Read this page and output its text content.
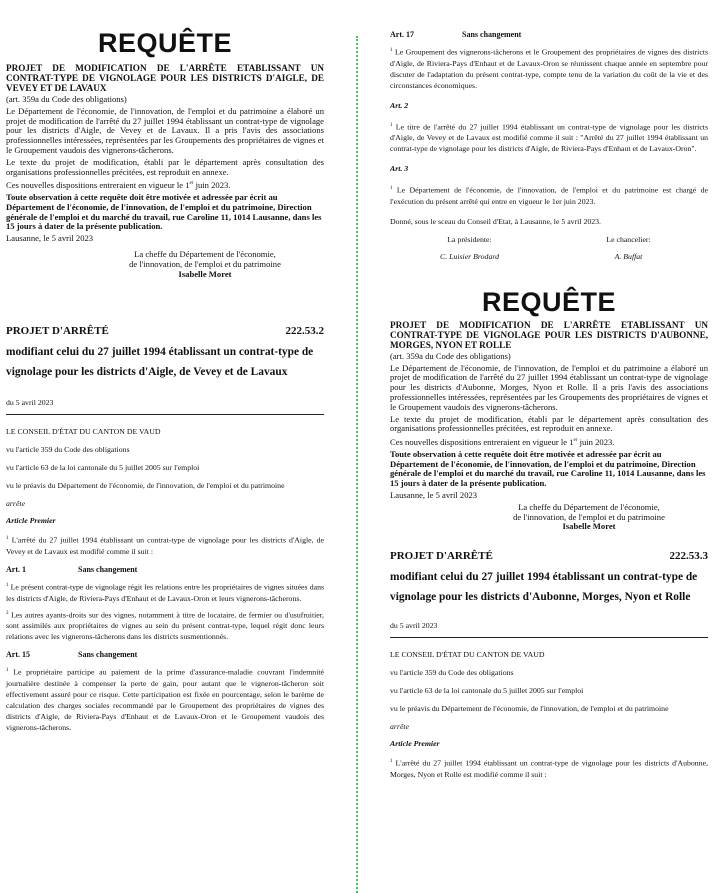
REQUÊTE

PROJET DE MODIFICATION DE L'ARRÊTE ETABLISSANT UN CONTRAT-TYPE DE VIGNOLAGE POUR LES DISTRICTS D'AIGLE, DE VEVEY ET DE LAVAUX

(art. 359a du Code des obligations)

Le Département de l'économie, de l'innovation, de l'emploi et du patrimoine a élaboré un projet de modification de l'arrêté du 27 juillet 1994 établissant un contrat-type de vignolage pour les districts d'Aigle, de Vevey et de Lavaux. Il a pris l'avis des associations professionnelles intéressées, représentées par les Groupements des propriétaires de vignes et le Groupement vaudois des vignerons-tâcherons.

Le texte du projet de modification, établi par le département après consultation des organisations professionnelles précitées, est reproduit en annexe.

Ces nouvelles dispositions entreraient en vigueur le 1er juin 2023.

Toute observation à cette requête doit être motivée et adressée par écrit au Département de l'économie, de l'innovation, de l'emploi et du patrimoine, Direction générale de l'emploi et du marché du travail, rue Caroline 11, 1014 Lausanne, dans les 15 jours à dater de la présente publication.

Lausanne, le 5 avril 2023

La cheffe du Département de l'économie,

de l'innovation, de l'emploi et du patrimoine

Isabelle Moret

PROJET D'ARRÊTÉ	222.53.2

modifiant celui du 27 juillet 1994 établissant un contrat-type de vignolage pour les districts d'Aigle, de Vevey et de Lavaux

du 5 avril 2023

LE CONSEIL D'ÉTAT DU CANTON DE VAUD

vu l'article 359 du Code des obligations

vu l'article 63 de la loi cantonale du 5 juillet 2005 sur l'emploi

vu le préavis du Département de l'économie, de l'innovation, de l'emploi et du patrimoine

arrête

Article Premier

$^1$ L'arrêté du 27 juillet 1994 établissant un contrat-type de vignolage pour les districts d'Aigle, de Vevey et de Lavaux est modifié comme il suit :

Art. 1	Sans changement

$^1$ Le présent contrat-type de vignolage régit les relations entre les propriétaires de vignes situées dans les districts d'Aigle, de Riviera-Pays d'Enhaut et de Lavaux-Oron et leurs vignerons-tâcherons.

$^2$ Les autres ayants-droits sur des vignes, notamment à titre de locataire, de fermier ou d'usufruitier, sont assimilés aux propriétaires de vignes au sein du présent contrat-type, lequel régit donc leurs relations avec les vignerons-tâcherons dans les districts susmentionnés.

Art. 15	Sans changement

$^1$ Le propriétaire participe au paiement de la prime d'assurance-maladie couvrant l'indemnité journalière destinée à compenser la perte de gain, pour autant que le vigneron-tâcheron soit effectivement assuré pour ce risque. Cette participation est fixée en pourcentage, selon le barème de calculation des charges sociales recommandé par le Groupement des propriétaires de vignes des districts d'Aigle, de Riviera-Pays d'Enhaut et de Lavaux-Oron et le Groupement vaudois des vignerons-tâcherons.

Art. 17	Sans changement

$^1$ Le Groupement des vignerons-tâcherons et le Groupement des propriétaires de vignes des districts d'Aigle, de Riviera-Pays d'Enhaut et de Lavaux-Oron se réunissent chaque année en septembre pour discuter de l'adaptation du présent contrat-type, compte tenu de la variation du coût de la vie et des circonstances économiques.

Art. 2

$^1$ Le titre de l'arrêté du 27 juillet 1994 établissant un contrat-type de vignolage pour les districts d'Aigle, de Vevey et de Lavaux est modifié comme il suit : "Arrêté du 27 juillet 1994 établissant un contrat-type de vignolage pour les districts d'Aigle, de Riviera-Pays d'Enhaut et de Lavaux-Oron".

Art. 3

$^1$ Le Département de l'économie, de l'innovation, de l'emploi et du patrimoine est chargé de l'exécution du présent arrêté qui entre en vigueur le 1er juin 2023.

Donné, sous le sceau du Conseil d'Etat, à Lausanne, le 5 avril 2023.

La présidente:	Le chancelier:
C. Luisier Brodard	A. Buffat
REQUÊTE

PROJET DE MODIFICATION DE L'ARRÊTE ETABLISSANT UN CONTRAT-TYPE DE VIGNOLAGE POUR LES DISTRICTS D'AUBONNE, MORGES, NYON ET ROLLE

(art. 359a du Code des obligations)

Le Département de l'économie, de l'innovation, de l'emploi et du patrimoine a élaboré un projet de modification de l'arrêté du 27 juillet 1994 établissant un contrat-type de vignolage pour les districts d'Aubonne, Morges, Nyon et Rolle. Il a pris l'avis des associations professionnelles intéressées, représentées par les Groupements des propriétaires de vignes et le Groupement vaudois des vignerons-tâcherons.

Le texte du projet de modification, établi par le département après consultation des organisations professionnelles précitées, est reproduit en annexe.

Ces nouvelles dispositions entreraient en vigueur le 1er juin 2023.

Toute observation à cette requête doit être motivée et adressée par écrit au Département de l'économie, de l'innovation, de l'emploi et du patrimoine, Direction générale de l'emploi et du marché du travail, rue Caroline 11, 1014 Lausanne, dans les 15 jours à dater de la présente publication.

Lausanne, le 5 avril 2023

La cheffe du Département de l'économie,

de l'innovation, de l'emploi et du patrimoine

Isabelle Moret

PROJET D'ARRÊTÉ	222.53.3

modifiant celui du 27 juillet 1994 établissant un contrat-type de vignolage pour les districts d'Aubonne, Morges, Nyon et Rolle

du 5 avril 2023

LE CONSEIL D'ÉTAT DU CANTON DE VAUD

vu l'article 359 du Code des obligations

vu l'article 63 de la loi cantonale du 5 juillet 2005 sur l'emploi

vu le préavis du Département de l'économie, de l'innovation, de l'emploi et du patrimoine

arrête

Article Premier

$^1$ L'arrêté du 27 juillet 1994 établissant un contrat-type de vignolage pour les districts d'Aubonne, Morges, Nyon et Rolle est modifié comme il suit :
